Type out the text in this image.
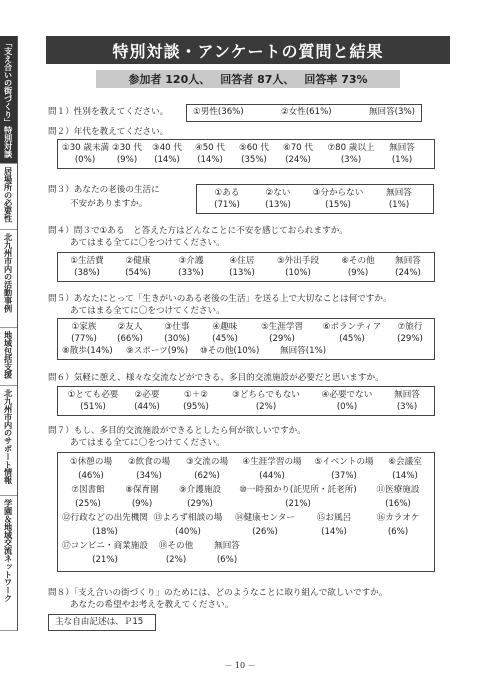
「支え合いの街づくり」特別対談
居場所の必要性
北九州市内の活動事例
地域包括支援
北九州市内のサポート情報
学園＆地域交流ネットワーク
特別対談・アンケートの質問と結果
参加者 120人、 回答者 87人、 回答率 73%
問１）性別を教えてください。	①男性(36%)	②女性(61%)	無回答(3%)
問２）年代を教えてください。
①30 歳未満 ②30 代	③40 代	④50 代	⑤60 代	⑥70 代	⑦80 歳以上	無回答
(0%)	(9%)	(14%)	(14%)	(35%)	(24%)	(3%)	(1%)
問３）あなたの老後の生活に
不安がありますか。
①ある	②ない	③分からない	無回答
(71%)	(13%)	(15%)	(1%)
問４）問３で①ある　と答えた方はどんなことに不安を感じておられますか。
あてはまる全てに〇をつけてください。
①生活費	②健康	③介護	④住居	⑤外出手段	⑥その他	無回答
(38%)	(54%)	(33%)	(13%)	(10%)	(9%)	(24%)
問５）あなたにとって「生きがいのある老後の生活」を送る上で大切なことは何ですか。
あてはまる全てに〇をつけてください。
①家族	②友人	③仕事	④趣味	⑤生涯学習	⑥ボランティア	⑦旅行
(77%)	(66%)	(30%)	(45%)	(29%)	(45%)	(29%)
⑧散歩(14%)	⑨スポーツ(9%)	⑩その他(10%)	無回答(1%)
問６）気軽に憩え、様々な交流などができる、多目的交流施設が必要だと思いますか。
①とても必要	②必要	①＋②	③どちらでもない	④必要でない	無回答
(51%)	(44%)	(95%)	(2%)	(0%)	(3%)
問７）もし、多目的交流施設ができるとしたら何が欲しいですか。
あてはまる全てに〇をつけてください。
①休憩の場	②飲食の場	③交流の場	④生涯学習の場	⑤イベントの場	⑥会議室
(46%)	(34%)	(62%)	(44%)	(37%)	(14%)
⑦図書館	⑧保育園	⑨介護施設	⑩一時預かり(託児所・託老所)	⑪医療施設
(25%)	(9%)	(29%)	(21%)	(16%)
⑫行政などの出先機関 ⑬よろず相談の場	⑭健康センター	⑮お風呂	⑯カラオケ
(18%)	(40%)	(26%)	(14%)	(6%)
⑰コンビニ・商業施設	⑱その他	無回答
(21%)	(2%)	(6%)
問８）「支え合いの街づくり」のためには、どのようなことに取り組んで欲しいですか。
あなたの希望やお考えを教えてください。
主な自由記述は、Ｐ15
－ 10 －
